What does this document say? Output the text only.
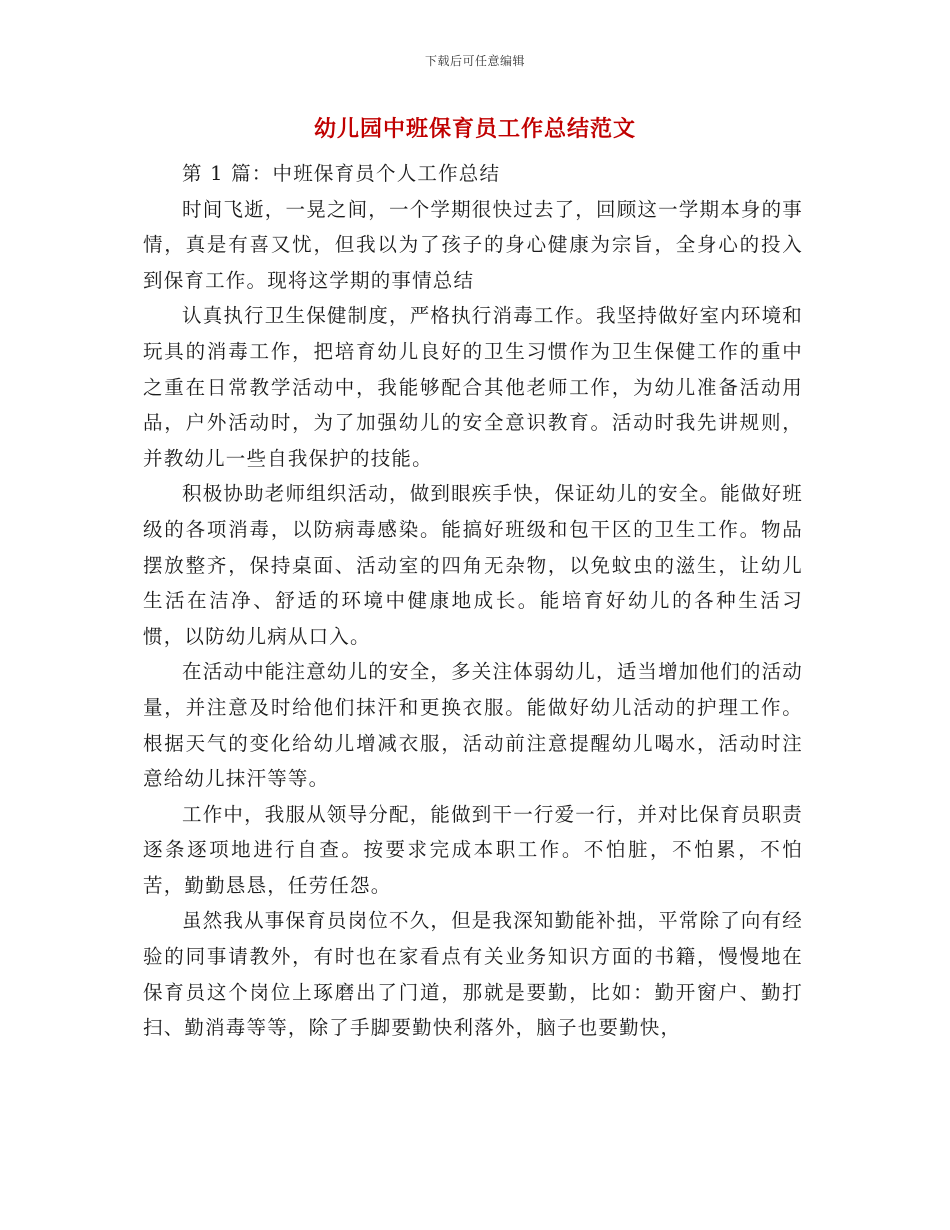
下载后可任意编辑
幼儿园中班保育员工作总结范文

第 1 篇：中班保育员个人工作总结

时间飞逝，一晃之间，一个学期很快过去了，回顾这一学期本身的事情，真是有喜又忧，但我以为了孩子的身心健康为宗旨，全身心的投入到保育工作。现将这学期的事情总结

认真执行卫生保健制度，严格执行消毒工作。我坚持做好室内环境和玩具的消毒工作，把培育幼儿良好的卫生习惯作为卫生保健工作的重中之重在日常教学活动中，我能够配合其他老师工作，为幼儿准备活动用品，户外活动时，为了加强幼儿的安全意识教育。活动时我先讲规则，并教幼儿一些自我保护的技能。

积极协助老师组织活动，做到眼疾手快，保证幼儿的安全。能做好班级的各项消毒，以防病毒感染。能搞好班级和包干区的卫生工作。物品摆放整齐，保持桌面、活动室的四角无杂物，以免蚊虫的滋生，让幼儿生活在洁净、舒适的环境中健康地成长。能培育好幼儿的各种生活习惯，以防幼儿病从口入。

在活动中能注意幼儿的安全，多关注体弱幼儿，适当增加他们的活动量，并注意及时给他们抹汗和更换衣服。能做好幼儿活动的护理工作。根据天气的变化给幼儿增减衣服，活动前注意提醒幼儿喝水，活动时注意给幼儿抹汗等等。

工作中，我服从领导分配，能做到干一行爱一行，并对比保育员职责逐条逐项地进行自查。按要求完成本职工作。不怕脏，不怕累，不怕苦，勤勤恳恳，任劳任怨。

虽然我从事保育员岗位不久，但是我深知勤能补拙，平常除了向有经验的同事请教外，有时也在家看点有关业务知识方面的书籍，慢慢地在保育员这个岗位上琢磨出了门道，那就是要勤，比如：勤开窗户、勤打扫、勤消毒等等，除了手脚要勤快利落外，脑子也要勤快，
